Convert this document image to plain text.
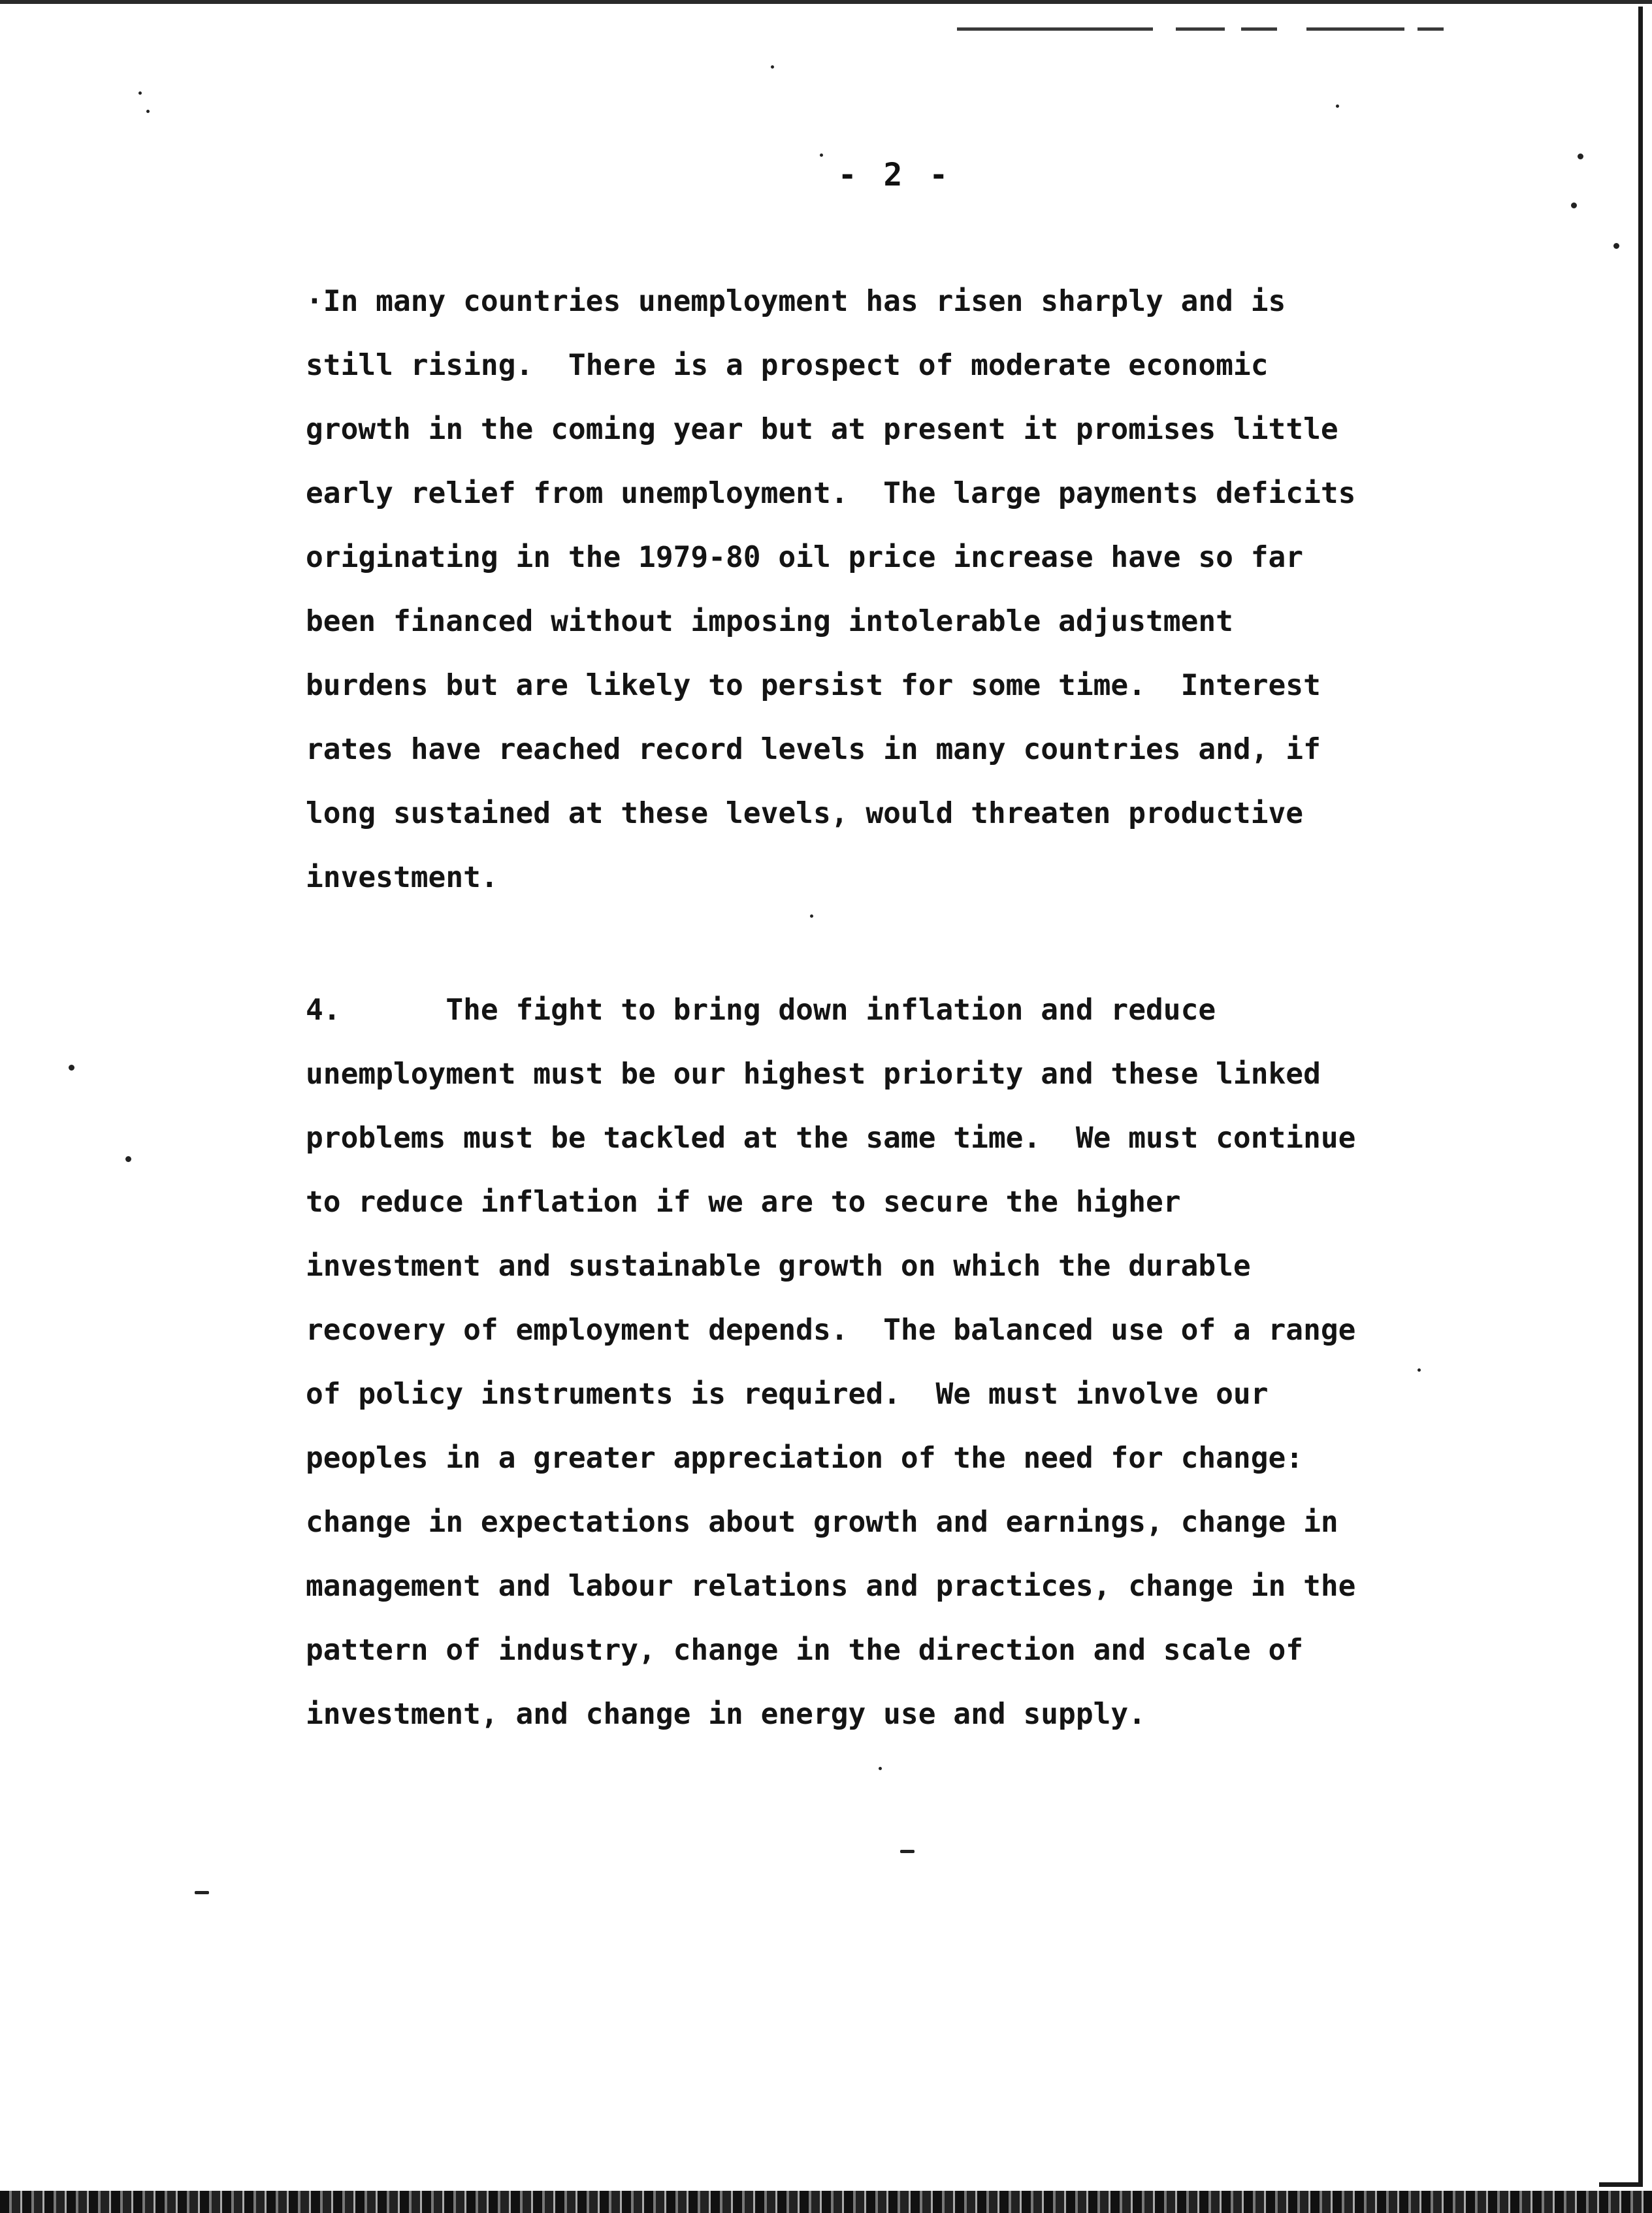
- 2 -
·In many countries unemployment has risen sharply and is
still rising.  There is a prospect of moderate economic
growth in the coming year but at present it promises little
early relief from unemployment.  The large payments deficits
originating in the 1979-80 oil price increase have so far
been financed without imposing intolerable adjustment
burdens but are likely to persist for some time.  Interest
rates have reached record levels in many countries and, if
long sustained at these levels, would threaten productive
investment.
4.      The fight to bring down inflation and reduce
unemployment must be our highest priority and these linked
problems must be tackled at the same time.  We must continue
to reduce inflation if we are to secure the higher
investment and sustainable growth on which the durable
recovery of employment depends.  The balanced use of a range
of policy instruments is required.  We must involve our
peoples in a greater appreciation of the need for change:
change in expectations about growth and earnings, change in
management and labour relations and practices, change in the
pattern of industry, change in the direction and scale of
investment, and change in energy use and supply.
